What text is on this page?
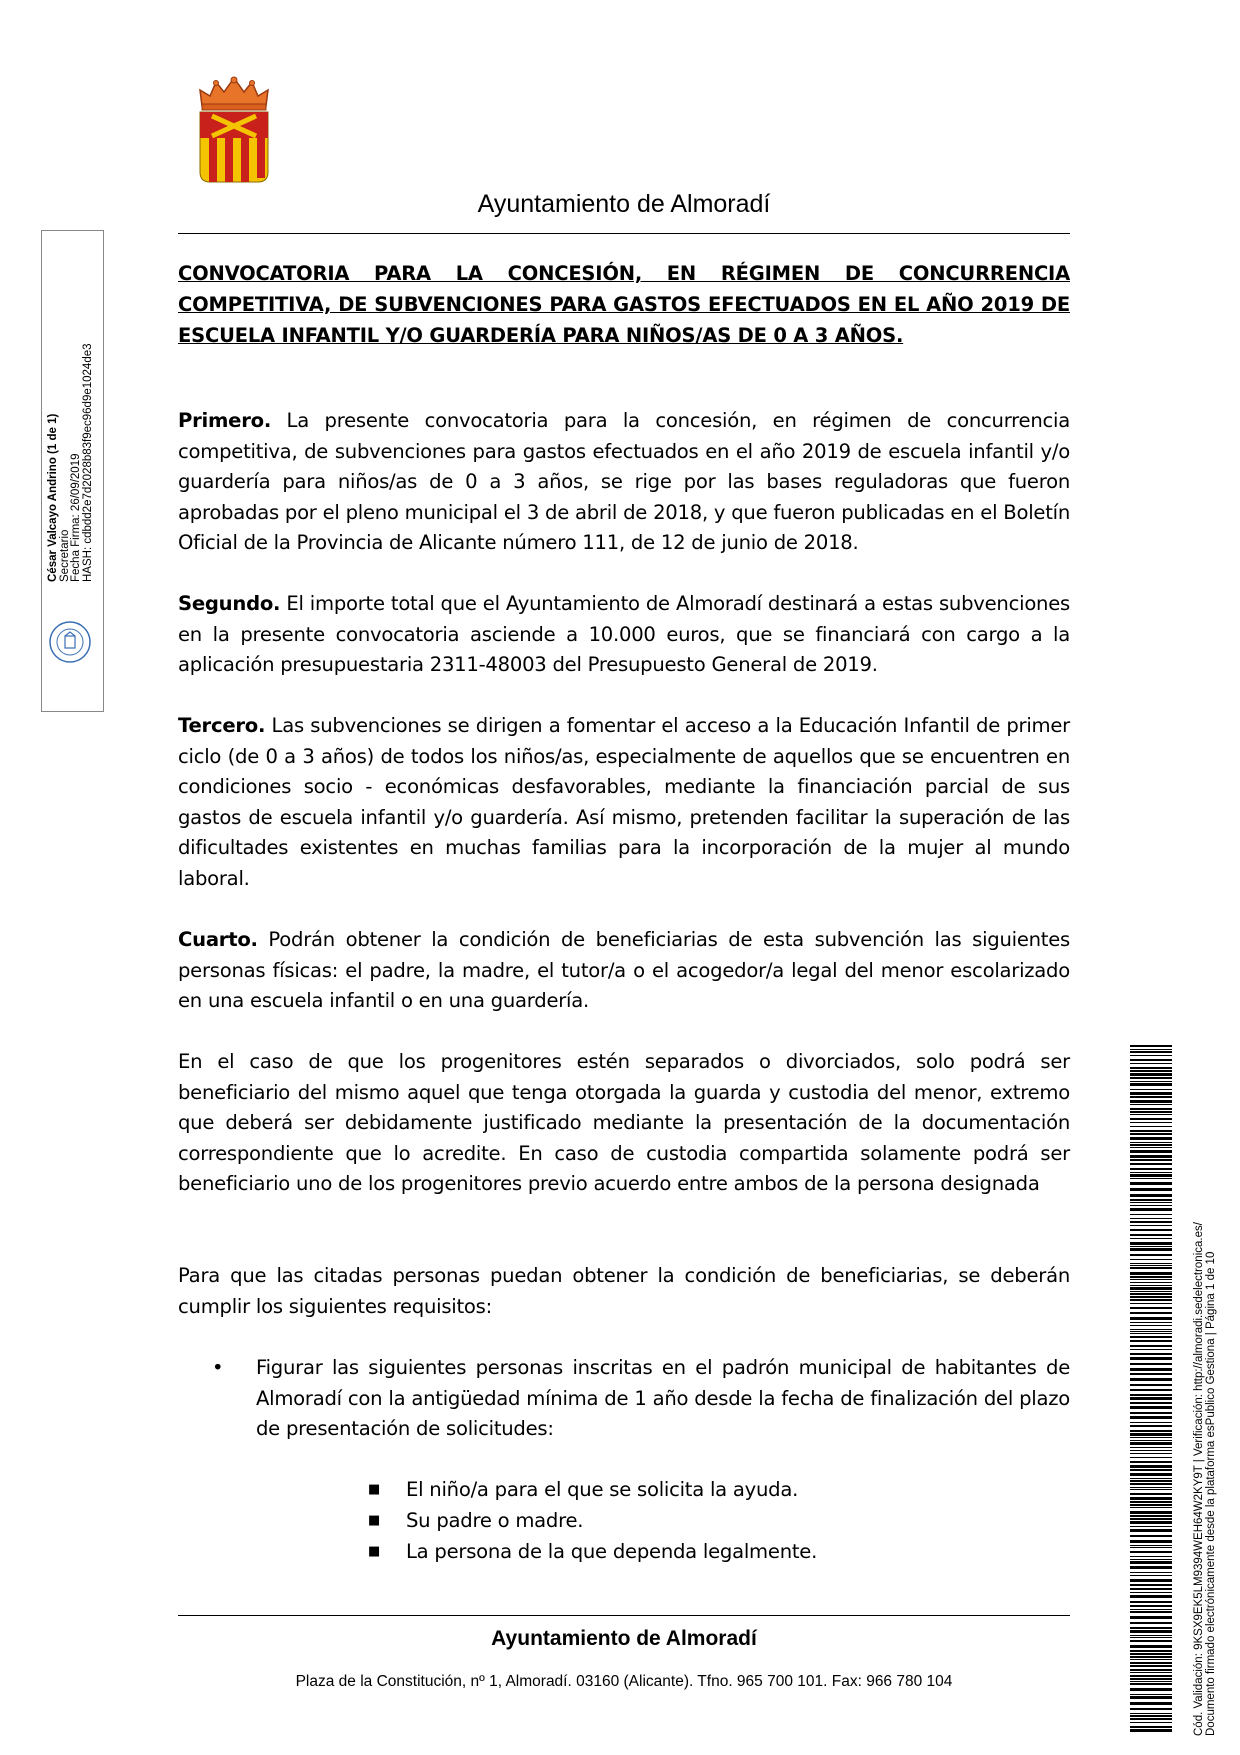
Ayuntamiento de Almoradí
CONVOCATORIA PARA LA CONCESIÓN, EN RÉGIMEN DE CONCURRENCIA COMPETITIVA, DE SUBVENCIONES PARA GASTOS EFECTUADOS EN EL AÑO 2019 DE ESCUELA INFANTIL Y/O GUARDERÍA PARA NIÑOS/AS DE 0 A 3 AÑOS.

Primero. La presente convocatoria para la concesión, en régimen de concurrencia competitiva, de subvenciones para gastos efectuados en el año 2019 de escuela infantil y/o guardería para niños/as de 0 a 3 años, se rige por las bases reguladoras que fueron aprobadas por el pleno municipal el 3 de abril de 2018, y que fueron publicadas en el Boletín Oficial de la Provincia de Alicante número 111, de 12 de junio de 2018.

Segundo. El importe total que el Ayuntamiento de Almoradí destinará a estas subvenciones en la presente convocatoria asciende a 10.000 euros, que se financiará con cargo a la aplicación presupuestaria 2311-48003 del Presupuesto General de 2019.

Tercero. Las subvenciones se dirigen a fomentar el acceso a la Educación Infantil de primer ciclo (de 0 a 3 años) de todos los niños/as, especialmente de aquellos que se encuentren en condiciones socio - económicas desfavorables, mediante la financiación parcial de sus gastos de escuela infantil y/o guardería. Así mismo, pretenden facilitar la superación de las dificultades existentes en muchas familias para la incorporación de la mujer al mundo laboral.

Cuarto. Podrán obtener la condición de beneficiarias de esta subvención las siguientes personas físicas: el padre, la madre, el tutor/a o el acogedor/a legal del menor escolarizado en una escuela infantil o en una guardería.

En el caso de que los progenitores estén separados o divorciados, solo podrá ser beneficiario del mismo aquel que tenga otorgada la guarda y custodia del menor, extremo que deberá ser debidamente justificado mediante la presentación de la documentación correspondiente que lo acredite. En caso de custodia compartida solamente podrá ser beneficiario uno de los progenitores previo acuerdo entre ambos de la persona designada

Para que las citadas personas puedan obtener la condición de beneficiarias, se deberán cumplir los siguientes requisitos:

•	Figurar las siguientes personas inscritas en el padrón municipal de habitantes de Almoradí con la antigüedad mínima de 1 año desde la fecha de finalización del plazo de presentación de solicitudes:
■ El niño/a para el que se solicita la ayuda.
■ Su padre o madre.
■ La persona de la que dependa legalmente.
Ayuntamiento de Almoradí
Plaza de la Constitución, nº 1, Almoradí. 03160 (Alicante). Tfno. 965 700 101. Fax: 966 780 104
César Valcayo Andrino (1 de 1) Secretario Fecha Firma: 26/09/2019 HASH: cdbdd2e7d2028b83f9ec96d9e1024de3
Cód. Validación: 9KSX9EK5LM9394WEH64W2KY9T | Verificación: http://almoradi.sedelectronica.es/ Documento firmado electrónicamente desde la plataforma esPublico Gestiona | Página 1 de 10
